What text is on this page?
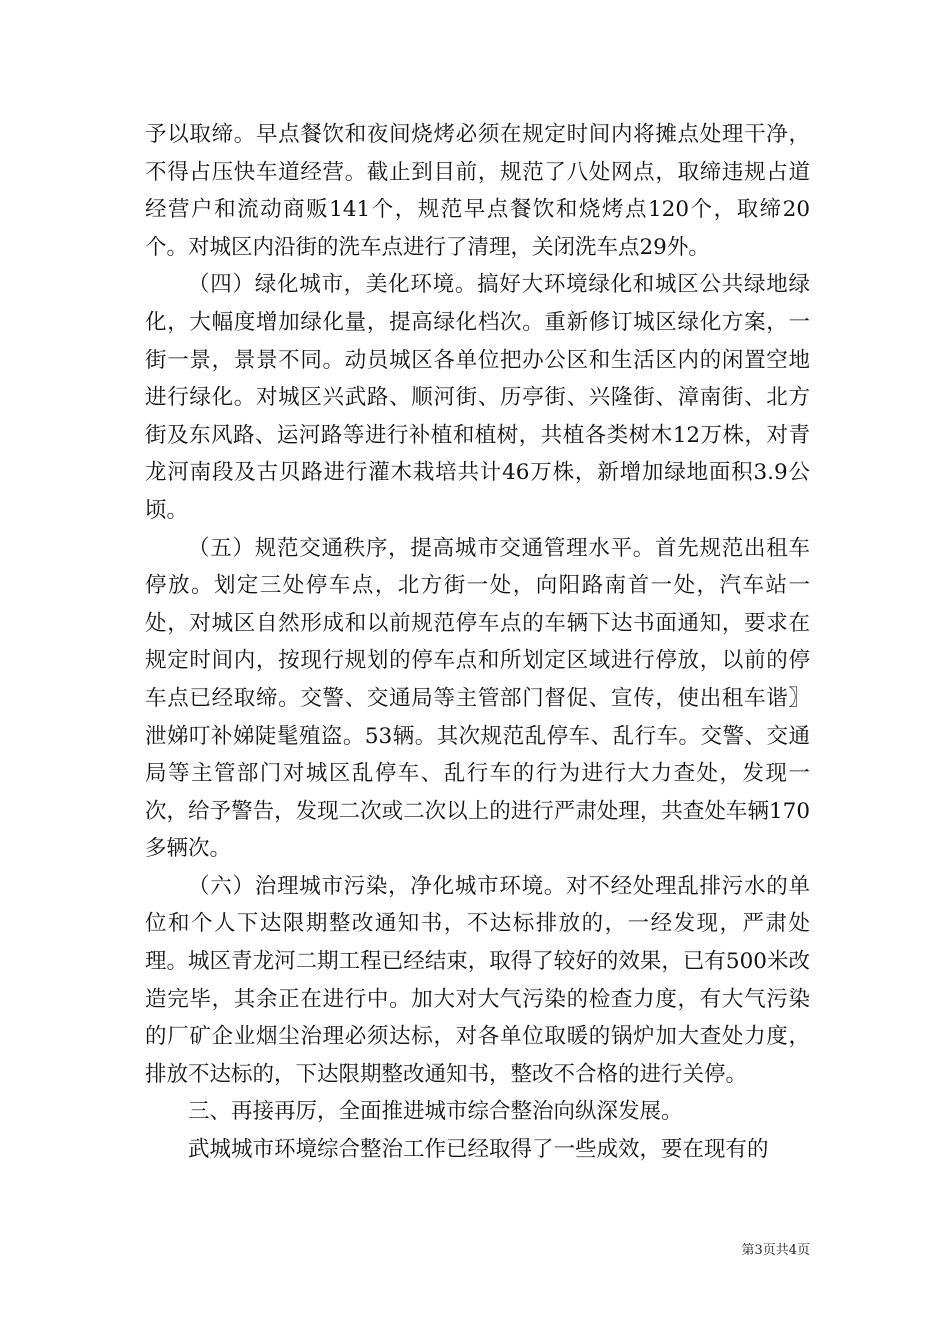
予以取缔。早点餐饮和夜间烧烤必须在规定时间内将摊点处理干净，不得占压快车道经营。截止到目前，规范了八处网点，取缔违规占道经营户和流动商贩141个，规范早点餐饮和烧烤点120个，取缔20个。对城区内沿街的洗车点进行了清理，关闭洗车点29外。

（四）绿化城市，美化环境。搞好大环境绿化和城区公共绿地绿化，大幅度增加绿化量，提高绿化档次。重新修订城区绿化方案，一街一景，景景不同。动员城区各单位把办公区和生活区内的闲置空地进行绿化。对城区兴武路、顺河街、历亭街、兴隆街、漳南街、北方街及东风路、运河路等进行补植和植树，共植各类树木12万株，对青龙河南段及古贝路进行灌木栽培共计46万株，新增加绿地面积3.9公顷。

（五）规范交通秩序，提高城市交通管理水平。首先规范出租车停放。划定三处停车点，北方街一处，向阳路南首一处，汽车站一处，对城区自然形成和以前规范停车点的车辆下达书面通知，要求在规定时间内，按现行规划的停车点和所划定区域进行停放，以前的停车点已经取缔。交警、交通局等主管部门督促、宣传，使出租车谐〗泄娣叮补娣陡髦殖盗。53辆。其次规范乱停车、乱行车。交警、交通局等主管部门对城区乱停车、乱行车的行为进行大力查处，发现一次，给予警告，发现二次或二次以上的进行严肃处理，共查处车辆170多辆次。

（六）治理城市污染，净化城市环境。对不经处理乱排污水的单位和个人下达限期整改通知书，不达标排放的，一经发现，严肃处理。城区青龙河二期工程已经结束，取得了较好的效果，已有500米改造完毕，其余正在进行中。加大对大气污染的检查力度，有大气污染的厂矿企业烟尘治理必须达标，对各单位取暖的锅炉加大查处力度，排放不达标的，下达限期整改通知书，整改不合格的进行关停。

三、再接再厉，全面推进城市综合整治向纵深发展。

武城城市环境综合整治工作已经取得了一些成效，要在现有的

第3页共4页
